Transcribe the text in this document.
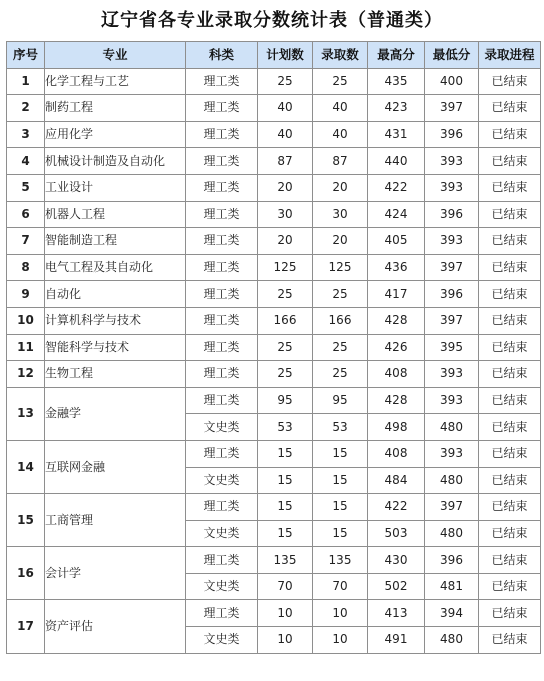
辽宁省各专业录取分数统计表（普通类）
序号	专业	科类	计划数	录取数	最高分	最低分	录取进程
1	化学工程与工艺	理工类	25	25	435	400	已结束
2	制药工程	理工类	40	40	423	397	已结束
3	应用化学	理工类	40	40	431	396	已结束
4	机械设计制造及自动化	理工类	87	87	440	393	已结束
5	工业设计	理工类	20	20	422	393	已结束
6	机器人工程	理工类	30	30	424	396	已结束
7	智能制造工程	理工类	20	20	405	393	已结束
8	电气工程及其自动化	理工类	125	125	436	397	已结束
9	自动化	理工类	25	25	417	396	已结束
10	计算机科学与技术	理工类	166	166	428	397	已结束
11	智能科学与技术	理工类	25	25	426	395	已结束
12	生物工程	理工类	25	25	408	393	已结束
13	金融学	理工类	95	95	428	393	已结束
		文史类	53	53	498	480	已结束
14	互联网金融	理工类	15	15	408	393	已结束
		文史类	15	15	484	480	已结束
15	工商管理	理工类	15	15	422	397	已结束
		文史类	15	15	503	480	已结束
16	会计学	理工类	135	135	430	396	已结束
		文史类	70	70	502	481	已结束
17	资产评估	理工类	10	10	413	394	已结束
		文史类	10	10	491	480	已结束
